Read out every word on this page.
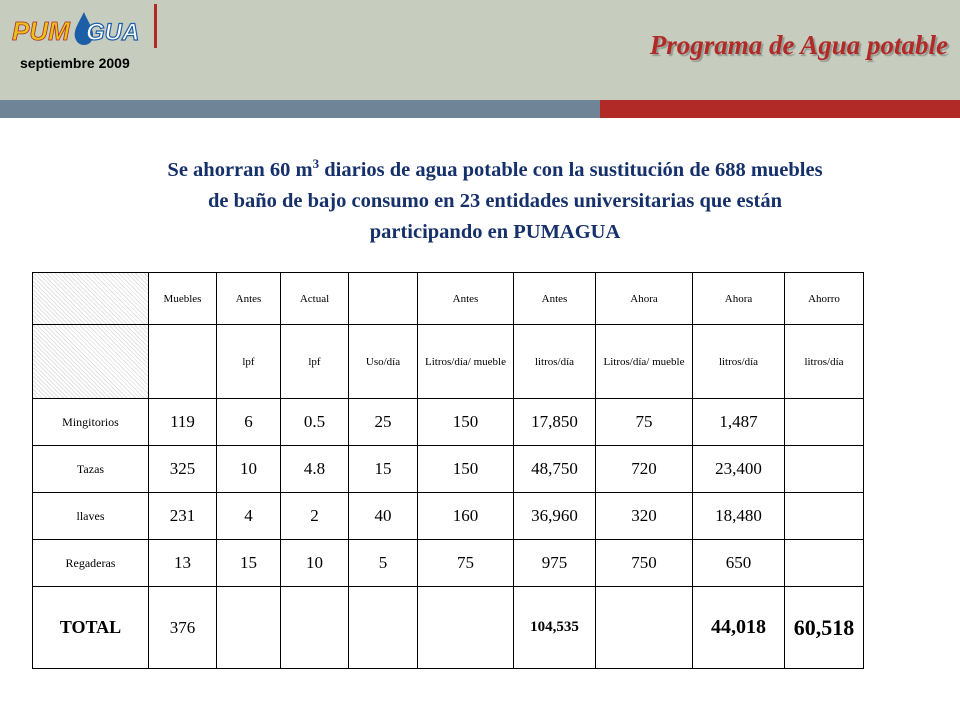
PUM GUA
septiembre 2009
Programa de Agua potable
Se ahorran 60 $m^3$ diarios de agua potable con la sustitución de 688 muebles
de baño de bajo consumo en 23 entidades universitarias que están
participando en PUMAGUA
	Muebles	Antes	Actual		Antes	Antes	Ahora	Ahora	Ahorro
		lpf	lpf	Uso/día	Litros/día/ mueble	litros/día	Litros/día/ mueble	litros/día	litros/día
Mingitorios	119	6	0.5	25	150	17,850	75	1,487	
Tazas	325	10	4.8	15	150	48,750	720	23,400	
llaves	231	4	2	40	160	36,960	320	18,480	
Regaderas	13	15	10	5	75	975	750	650	
TOTAL	376					104,535		44,018	60,518
